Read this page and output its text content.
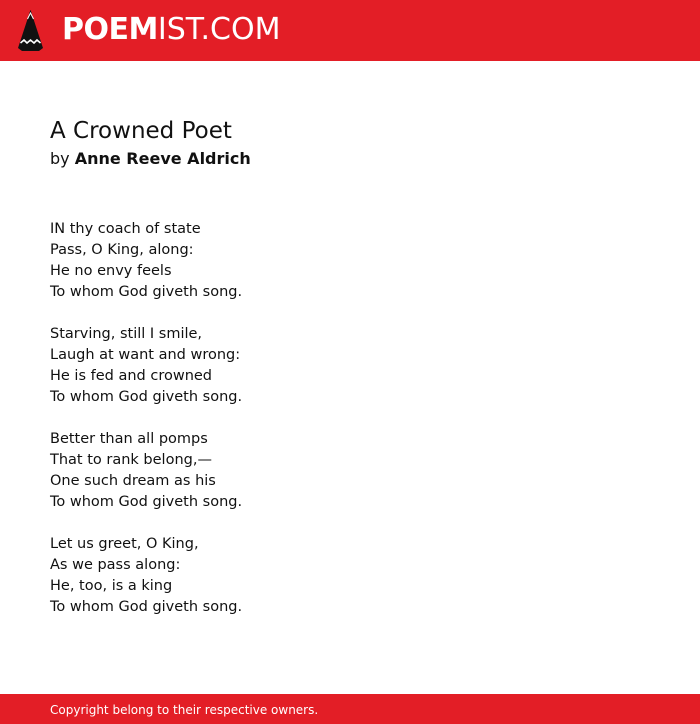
POEMIST.COM
A Crowned Poet
by Anne Reeve Aldrich
IN thy coach of state
Pass, O King, along:
He no envy feels
To whom God giveth song.
Starving, still I smile,
Laugh at want and wrong:
He is fed and crowned
To whom God giveth song.
Better than all pomps
That to rank belong,—
One such dream as his
To whom God giveth song.
Let us greet, O King,
As we pass along:
He, too, is a king
To whom God giveth song.
Copyright belong to their respective owners.
